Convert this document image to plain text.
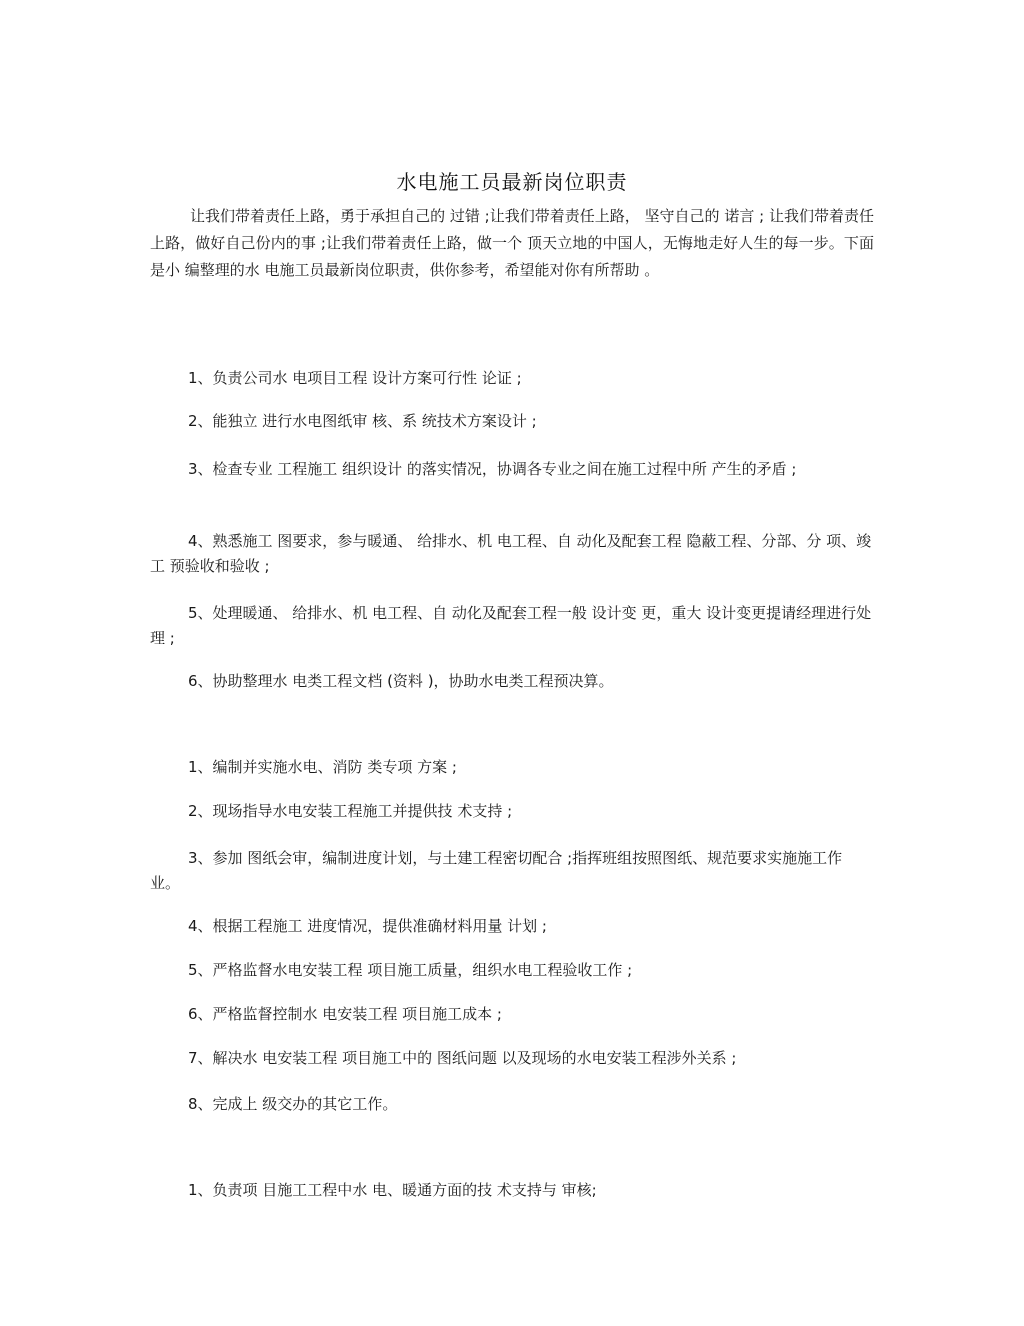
水电施工员最新岗位职责
让我们带着责任上路，勇于承担自己的 过错 ;让我们带着责任上路， 坚守自己的 诺言 ; 让我们带着责任上路，做好自己份内的事 ;让我们带着责任上路，做一个 顶天立地的中国人，无悔地走好人生的每一步。下面是小 编整理的水 电施工员最新岗位职责，供你参考，希望能对你有所帮助 。
1、负责公司水 电项目工程 设计方案可行性 论证 ;
2、能独立 进行水电图纸审 核、系 统技术方案设计 ;
3、检查专业 工程施工 组织设计 的落实情况，协调各专业之间在施工过程中所 产生的矛盾 ;
4、熟悉施工 图要求，参与暖通、 给排水、机 电工程、自 动化及配套工程 隐蔽工程、分部、分 项、竣工 预验收和验收 ;
5、处理暖通、 给排水、机 电工程、自 动化及配套工程一般 设计变 更，重大 设计变更提请经理进行处理 ;
6、协助整理水 电类工程文档 (资料 )，协助水电类工程预决算。
1、编制并实施水电、消防 类专项 方案 ;
2、现场指导水电安装工程施工并提供技 术支持 ;
3、参加 图纸会审，编制进度计划，与土建工程密切配合 ;指挥班组按照图纸、规范要求实施施工作 业。
4、根据工程施工 进度情况，提供准确材料用量 计划 ;
5、严格监督水电安装工程 项目施工质量，组织水电工程验收工作 ;
6、严格监督控制水 电安装工程 项目施工成本 ;
7、解决水 电安装工程 项目施工中的 图纸问题 以及现场的水电安装工程涉外关系 ;
8、完成上 级交办的其它工作。
1、负责项 目施工工程中水 电、暖通方面的技 术支持与 审核;
